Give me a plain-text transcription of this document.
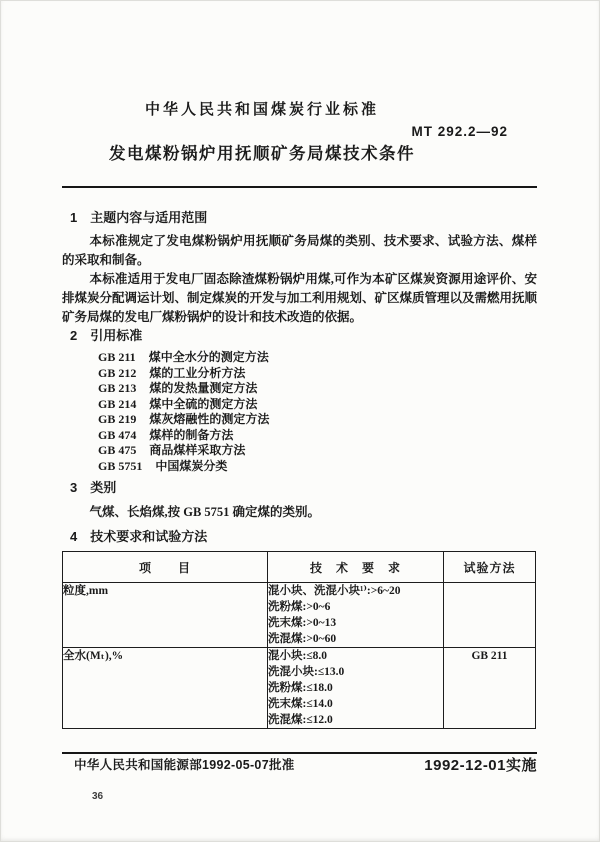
中华人民共和国煤炭行业标准
MT 292.2—92
发电煤粉锅炉用抚顺矿务局煤技术条件
1 主题内容与适用范围

本标准规定了发电煤粉锅炉用抚顺矿务局煤的类别、技术要求、试验方法、煤样的采取和制备。

本标准适用于发电厂固态除渣煤粉锅炉用煤,可作为本矿区煤炭资源用途评价、安排煤炭分配调运计划、制定煤炭的开发与加工利用规划、矿区煤质管理以及需燃用抚顺矿务局煤的发电厂煤粉锅炉的设计和技术改造的依据。

2 引用标准
GB 211 煤中全水分的测定方法
GB 212 煤的工业分析方法
GB 213 煤的发热量测定方法
GB 214 煤中全硫的测定方法
GB 219 煤灰熔融性的测定方法
GB 474 煤样的制备方法
GB 475 商品煤样采取方法
GB 5751 中国煤炭分类
3 类别

气煤、长焰煤,按 GB 5751 确定煤的类别。

4 技术要求和试验方法
项　　目	技　术　要　求	试验方法
粒度,mm	混小块、洗混小块¹⁾:>6~20
洗粉煤:>0~6
洗末煤:>0~13
洗混煤:>0~60	

全水(Mₜ),%	混小块:≤8.0
洗混小块:≤13.0
洗粉煤:≤18.0
洗末煤:≤14.0
洗混煤:≤12.0	GB 211
中华人民共和国能源部1992-05-07批准	1992-12-01实施
36
